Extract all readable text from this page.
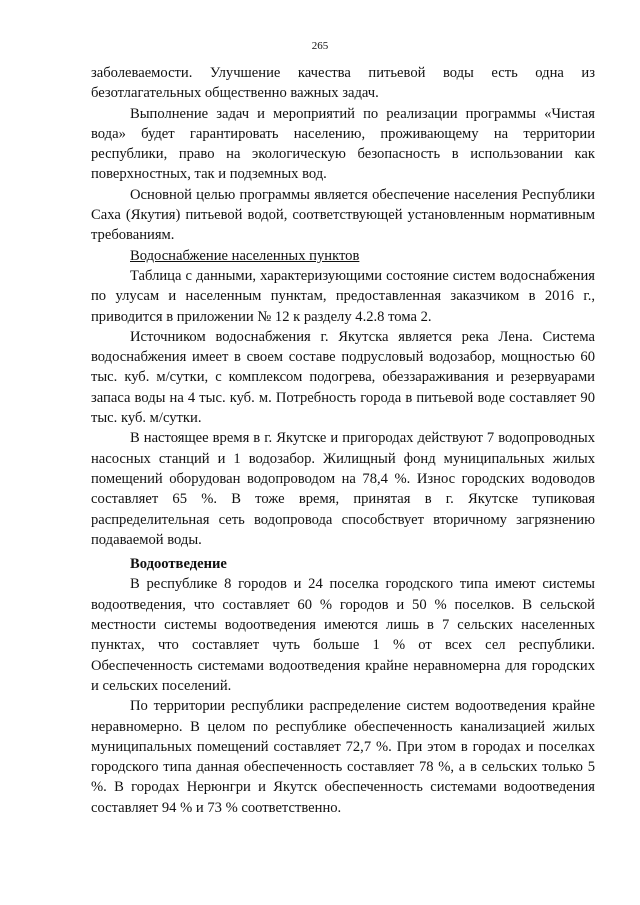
265

заболеваемости. Улучшение качества питьевой воды есть одна из безотлагательных общественно важных задач.

Выполнение задач и мероприятий по реализации программы «Чистая вода» будет гарантировать населению, проживающему на территории республики, право на экологическую безопасность в использовании как поверхностных, так и подземных вод.

Основной целью программы является обеспечение населения Республики Саха (Якутия) питьевой водой, соответствующей установленным нормативным требованиям.

Водоснабжение населенных пунктов

Таблица с данными, характеризующими состояние систем водоснабжения по улусам и населенным пунктам, предоставленная заказчиком в 2016 г., приводится в приложении № 12 к разделу 4.2.8 тома 2.

Источником водоснабжения г. Якутска является река Лена. Система водоснабжения имеет в своем составе подрусловый водозабор, мощностью 60 тыс. куб. м/сутки, с комплексом подогрева, обеззараживания и резервуарами запаса воды на 4 тыс. куб. м. Потребность города в питьевой воде составляет 90 тыс. куб. м/сутки.

В настоящее время в г. Якутске и пригородах действуют 7 водопроводных насосных станций и 1 водозабор. Жилищный фонд муниципальных жилых помещений оборудован водопроводом на 78,4 %. Износ городских водоводов составляет 65 %. В тоже время, принятая в г. Якутске тупиковая распределительная сеть водопровода способствует вторичному загрязнению подаваемой воды.

Водоотведение

В республике 8 городов и 24 поселка городского типа имеют системы водоотведения, что составляет 60 % городов и 50 % поселков. В сельской местности системы водоотведения имеются лишь в 7 сельских населенных пунктах, что составляет чуть больше 1 % от всех сел республики. Обеспеченность системами водоотведения крайне неравномерна для городских и сельских поселений.

По территории республики распределение систем водоотведения крайне неравномерно. В целом по республике обеспеченность канализацией жилых муниципальных помещений составляет 72,7 %. При этом в городах и поселках городского типа данная обеспеченность составляет 78 %, а в сельских только 5 %. В городах Нерюнгри и Якутск обеспеченность системами водоотведения составляет 94 % и 73 % соответственно.
